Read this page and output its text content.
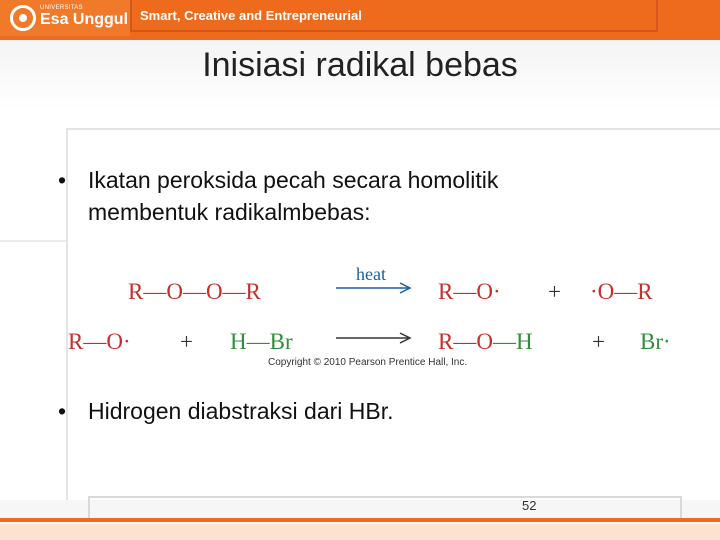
UNIVERSITAS
Esa Unggul Smart, Creative and Entrepreneurial
Inisiasi radikal bebas
• Ikatan peroksida pecah secara homolitik membentuk radikalmbebas:
R—O—O—R
heat
R—O· + ·O—R
R—O· + H—Br	R—O—H	+ Br·
Copyright © 2010 Pearson Prentice Hall, Inc.
• Hidrogen diabstraksi dari HBr.
52
